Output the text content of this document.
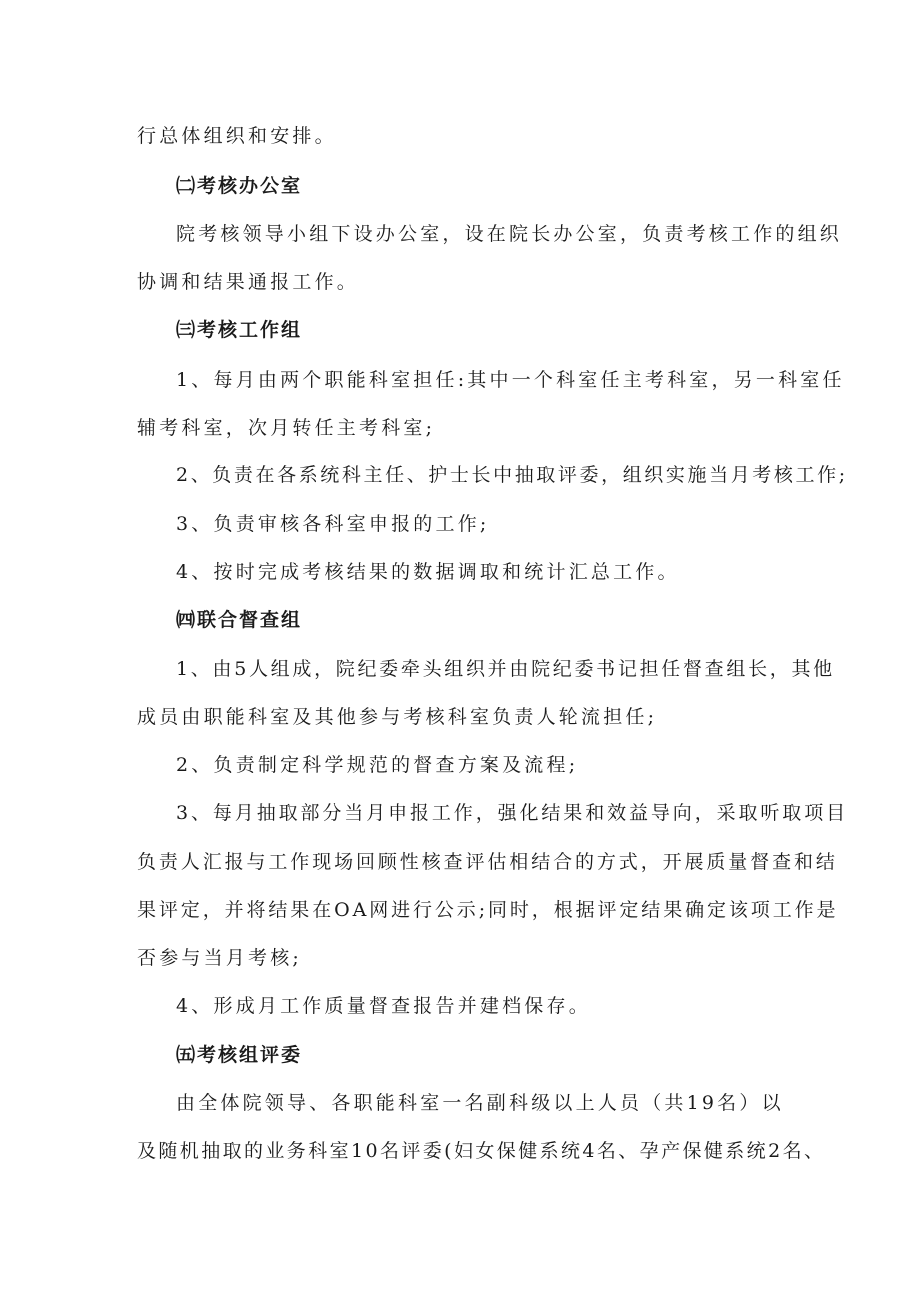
行总体组织和安排。
㈡考核办公室
院考核领导小组下设办公室，设在院长办公室，负责考核工作的组织
协调和结果通报工作。
㈢考核工作组
1、每月由两个职能科室担任:其中一个科室任主考科室，另一科室任
辅考科室，次月转任主考科室;
2、负责在各系统科主任、护士长中抽取评委，组织实施当月考核工作;
3、负责审核各科室申报的工作;
4、按时完成考核结果的数据调取和统计汇总工作。
㈣联合督查组
1、由5人组成，院纪委牵头组织并由院纪委书记担任督查组长，其他
成员由职能科室及其他参与考核科室负责人轮流担任;
2、负责制定科学规范的督查方案及流程;
3、每月抽取部分当月申报工作，强化结果和效益导向，采取听取项目
负责人汇报与工作现场回顾性核查评估相结合的方式，开展质量督查和结
果评定，并将结果在OA网进行公示;同时，根据评定结果确定该项工作是
否参与当月考核;
4、形成月工作质量督查报告并建档保存。
㈤考核组评委
由全体院领导、各职能科室一名副科级以上人员（共19名）以
及随机抽取的业务科室10名评委(妇女保健系统4名、孕产保健系统2名、
